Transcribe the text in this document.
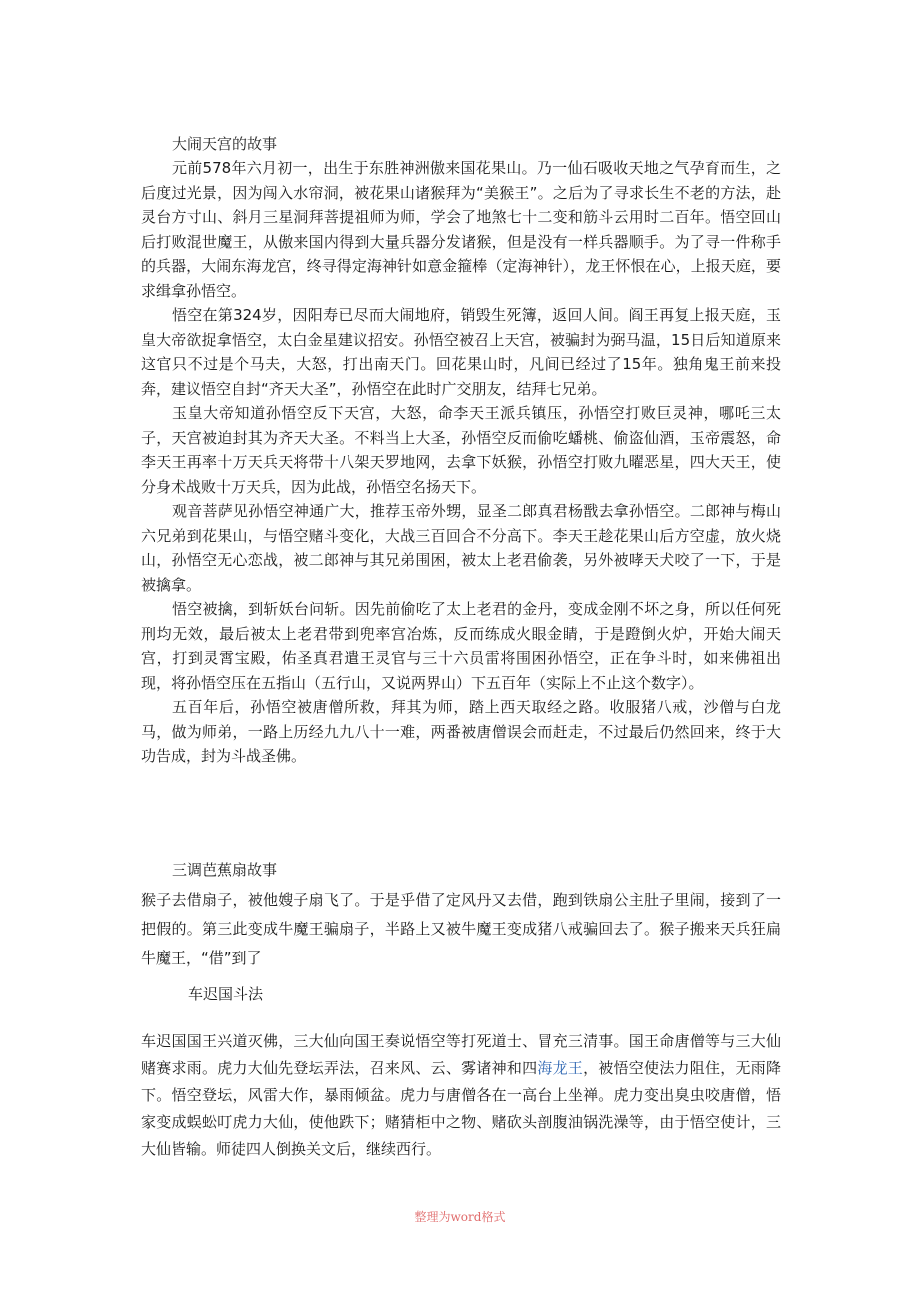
大闹天宫的故事

元前578年六月初一，出生于东胜神洲傲来国花果山。乃一仙石吸收天地之气孕育而生，之后度过光景，因为闯入水帘洞，被花果山诸猴拜为“美猴王”。之后为了寻求长生不老的方法，赴灵台方寸山、斜月三星洞拜菩提祖师为师，学会了地煞七十二变和筋斗云用时二百年。悟空回山后打败混世魔王，从傲来国内得到大量兵器分发诸猴，但是没有一样兵器顺手。为了寻一件称手的兵器，大闹东海龙宫，终寻得定海神针如意金箍棒（定海神针），龙王怀恨在心，上报天庭，要求缉拿孙悟空。

悟空在第324岁，因阳寿已尽而大闹地府，销毁生死簿，返回人间。阎王再复上报天庭，玉皇大帝欲捉拿悟空，太白金星建议招安。孙悟空被召上天宫，被骗封为弼马温，15日后知道原来这官只不过是个马夫，大怒，打出南天门。回花果山时，凡间已经过了15年。独角鬼王前来投奔，建议悟空自封“齐天大圣”，孙悟空在此时广交朋友，结拜七兄弟。

玉皇大帝知道孙悟空反下天宫，大怒，命李天王派兵镇压，孙悟空打败巨灵神，哪吒三太子，天宫被迫封其为齐天大圣。不料当上大圣，孙悟空反而偷吃蟠桃、偷盗仙酒，玉帝震怒，命李天王再率十万天兵天将带十八架天罗地网，去拿下妖猴，孙悟空打败九曜恶星，四大天王，使分身术战败十万天兵，因为此战，孙悟空名扬天下。

观音菩萨见孙悟空神通广大，推荐玉帝外甥，显圣二郎真君杨戬去拿孙悟空。二郎神与梅山六兄弟到花果山，与悟空赌斗变化，大战三百回合不分高下。李天王趁花果山后方空虚，放火烧山，孙悟空无心恋战，被二郎神与其兄弟围困，被太上老君偷袭，另外被哮天犬咬了一下，于是被擒拿。

悟空被擒，到斩妖台问斩。因先前偷吃了太上老君的金丹，变成金刚不坏之身，所以任何死刑均无效，最后被太上老君带到兜率宫冶炼，反而练成火眼金睛，于是蹬倒火炉，开始大闹天宫，打到灵霄宝殿，佑圣真君遣王灵官与三十六员雷将围困孙悟空，正在争斗时，如来佛祖出现，将孙悟空压在五指山（五行山，又说两界山）下五百年（实际上不止这个数字）。

五百年后，孙悟空被唐僧所救，拜其为师，踏上西天取经之路。收服猪八戒，沙僧与白龙马，做为师弟，一路上历经九九八十一难，两番被唐僧误会而赶走，不过最后仍然回来，终于大功告成，封为斗战圣佛。

三调芭蕉扇故事

猴子去借扇子，被他嫂子扇飞了。于是乎借了定风丹又去借，跑到铁扇公主肚子里闹，接到了一把假的。第三此变成牛魔王骗扇子，半路上又被牛魔王变成猪八戒骗回去了。猴子搬来天兵狂扁牛魔王，“借”到了

车迟国斗法

车迟国国王兴道灭佛，三大仙向国王奏说悟空等打死道士、冒充三清事。国王命唐僧等与三大仙赌赛求雨。虎力大仙先登坛弄法，召来风、云、雾诸神和四海龙王，被悟空使法力阻住，无雨降下。悟空登坛，风雷大作，暴雨倾盆。虎力与唐僧各在一高台上坐禅。虎力变出臭虫咬唐僧，悟家变成蜈蚣叮虎力大仙，使他跌下；赌猜柜中之物、赌砍头剖腹油锅洗澡等，由于悟空使计，三大仙皆输。师徒四人倒换关文后，继续西行。

整理为word格式
